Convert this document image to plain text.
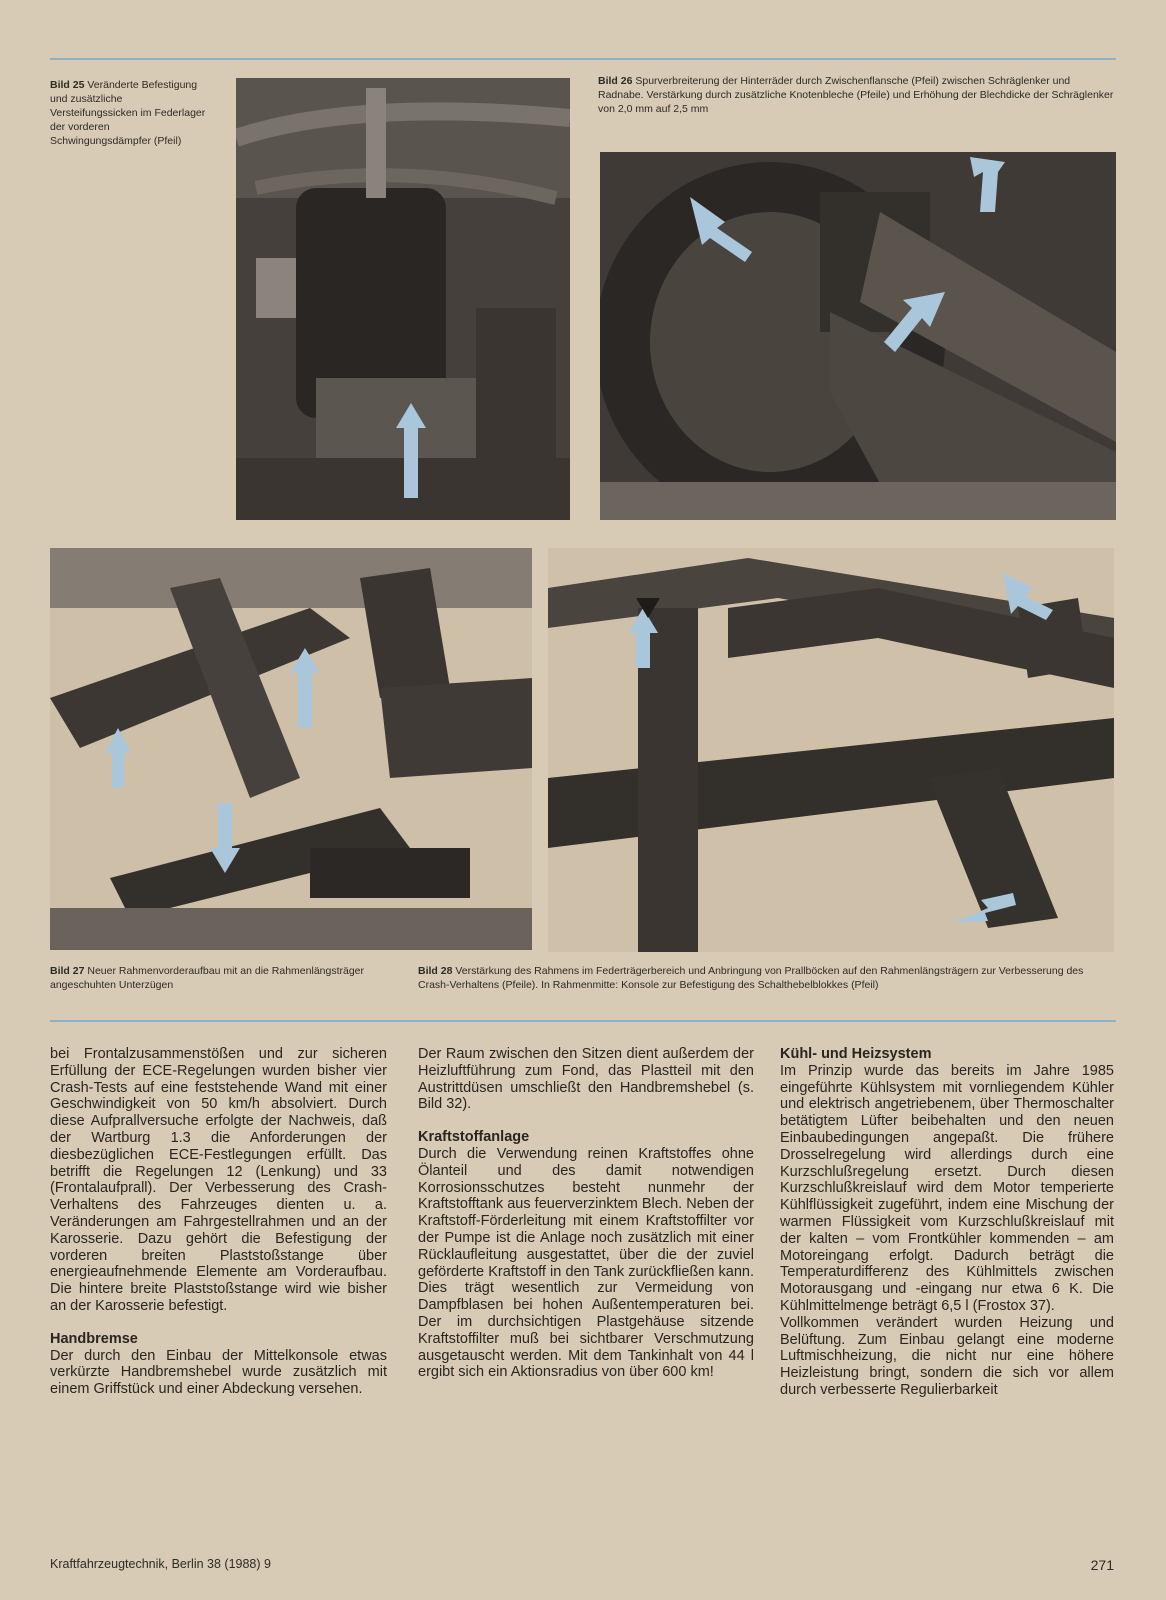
Bild 25 Veränderte Befestigung und zusätzliche Versteifungssicken im Federlager der vorderen Schwingungsdämpfer (Pfeil)
Bild 26 Spurverbreiterung der Hinterräder durch Zwischenflansche (Pfeil) zwischen Schräglenker und Radnabe. Verstärkung durch zusätzliche Knotenbleche (Pfeile) und Erhöhung der Blechdicke der Schräglenker von 2,0 mm auf 2,5 mm
Bild 27 Neuer Rahmenvorderaufbau mit an die Rahmenlängsträger angeschuhten Unterzügen
Bild 28 Verstärkung des Rahmens im Federträgerbereich und Anbringung von Prallböcken auf den Rahmenlängsträgern zur Verbesserung des Crash-Verhaltens (Pfeile). In Rahmenmitte: Konsole zur Befestigung des Schalthebelblokkes (Pfeil)

bei Frontalzusammenstößen und zur sicheren Erfüllung der ECE-Regelungen wurden bisher vier Crash-Tests auf eine feststehende Wand mit einer Geschwindigkeit von 50 km/h absolviert. Durch diese Aufprallversuche erfolgte der Nachweis, daß der Wartburg 1.3 die Anforderungen der diesbezüglichen ECE-Festlegungen erfüllt. Das betrifft die Regelungen 12 (Lenkung) und 33 (Frontalaufprall). Der Verbesserung des Crash-Verhaltens des Fahrzeuges dienten u. a. Veränderungen am Fahrgestellrahmen und an der Karosserie. Dazu gehört die Befestigung der vorderen breiten Plaststoßstange über energieaufnehmende Elemente am Vorderaufbau. Die hintere breite Plaststoßstange wird wie bisher an der Karosserie befestigt.

Handbremse

Der durch den Einbau der Mittelkonsole etwas verkürzte Handbremshebel wurde zusätzlich mit einem Griffstück und einer Abdeckung versehen.

Der Raum zwischen den Sitzen dient außerdem der Heizluftführung zum Fond, das Plastteil mit den Austrittdüsen umschließt den Handbremshebel (s. Bild 32).

Kraftstoffanlage

Durch die Verwendung reinen Kraftstoffes ohne Ölanteil und des damit notwendigen Korrosionsschutzes besteht nunmehr der Kraftstofftank aus feuerverzinktem Blech. Neben der Kraftstoff-Förderleitung mit einem Kraftstoffilter vor der Pumpe ist die Anlage noch zusätzlich mit einer Rücklaufleitung ausgestattet, über die der zuviel geförderte Kraftstoff in den Tank zurückfließen kann. Dies trägt wesentlich zur Vermeidung von Dampfblasen bei hohen Außentemperaturen bei. Der im durchsichtigen Plastgehäuse sitzende Kraftstoffilter muß bei sichtbarer Verschmutzung ausgetauscht werden. Mit dem Tankinhalt von 44 l ergibt sich ein Aktionsradius von über 600 km!

Kühl- und Heizsystem

Im Prinzip wurde das bereits im Jahre 1985 eingeführte Kühlsystem mit vornliegendem Kühler und elektrisch angetriebenem, über Thermoschalter betätigtem Lüfter beibehalten und den neuen Einbaubedingungen angepaßt. Die frühere Drosselregelung wird allerdings durch eine Kurzschlußregelung ersetzt. Durch diesen Kurzschlußkreislauf wird dem Motor temperierte Kühlflüssigkeit zugeführt, indem eine Mischung der warmen Flüssigkeit vom Kurzschlußkreislauf mit der kalten – vom Frontkühler kommenden – am Motoreingang erfolgt. Dadurch beträgt die Temperaturdifferenz des Kühlmittels zwischen Motorausgang und -eingang nur etwa 6 K. Die Kühlmittelmenge beträgt 6,5 l (Frostox 37).

Vollkommen verändert wurden Heizung und Belüftung. Zum Einbau gelangt eine moderne Luftmischheizung, die nicht nur eine höhere Heizleistung bringt, sondern die sich vor allem durch verbesserte Regulierbarkeit

Kraftfahrzeugtechnik, Berlin 38 (1988) 9	271
